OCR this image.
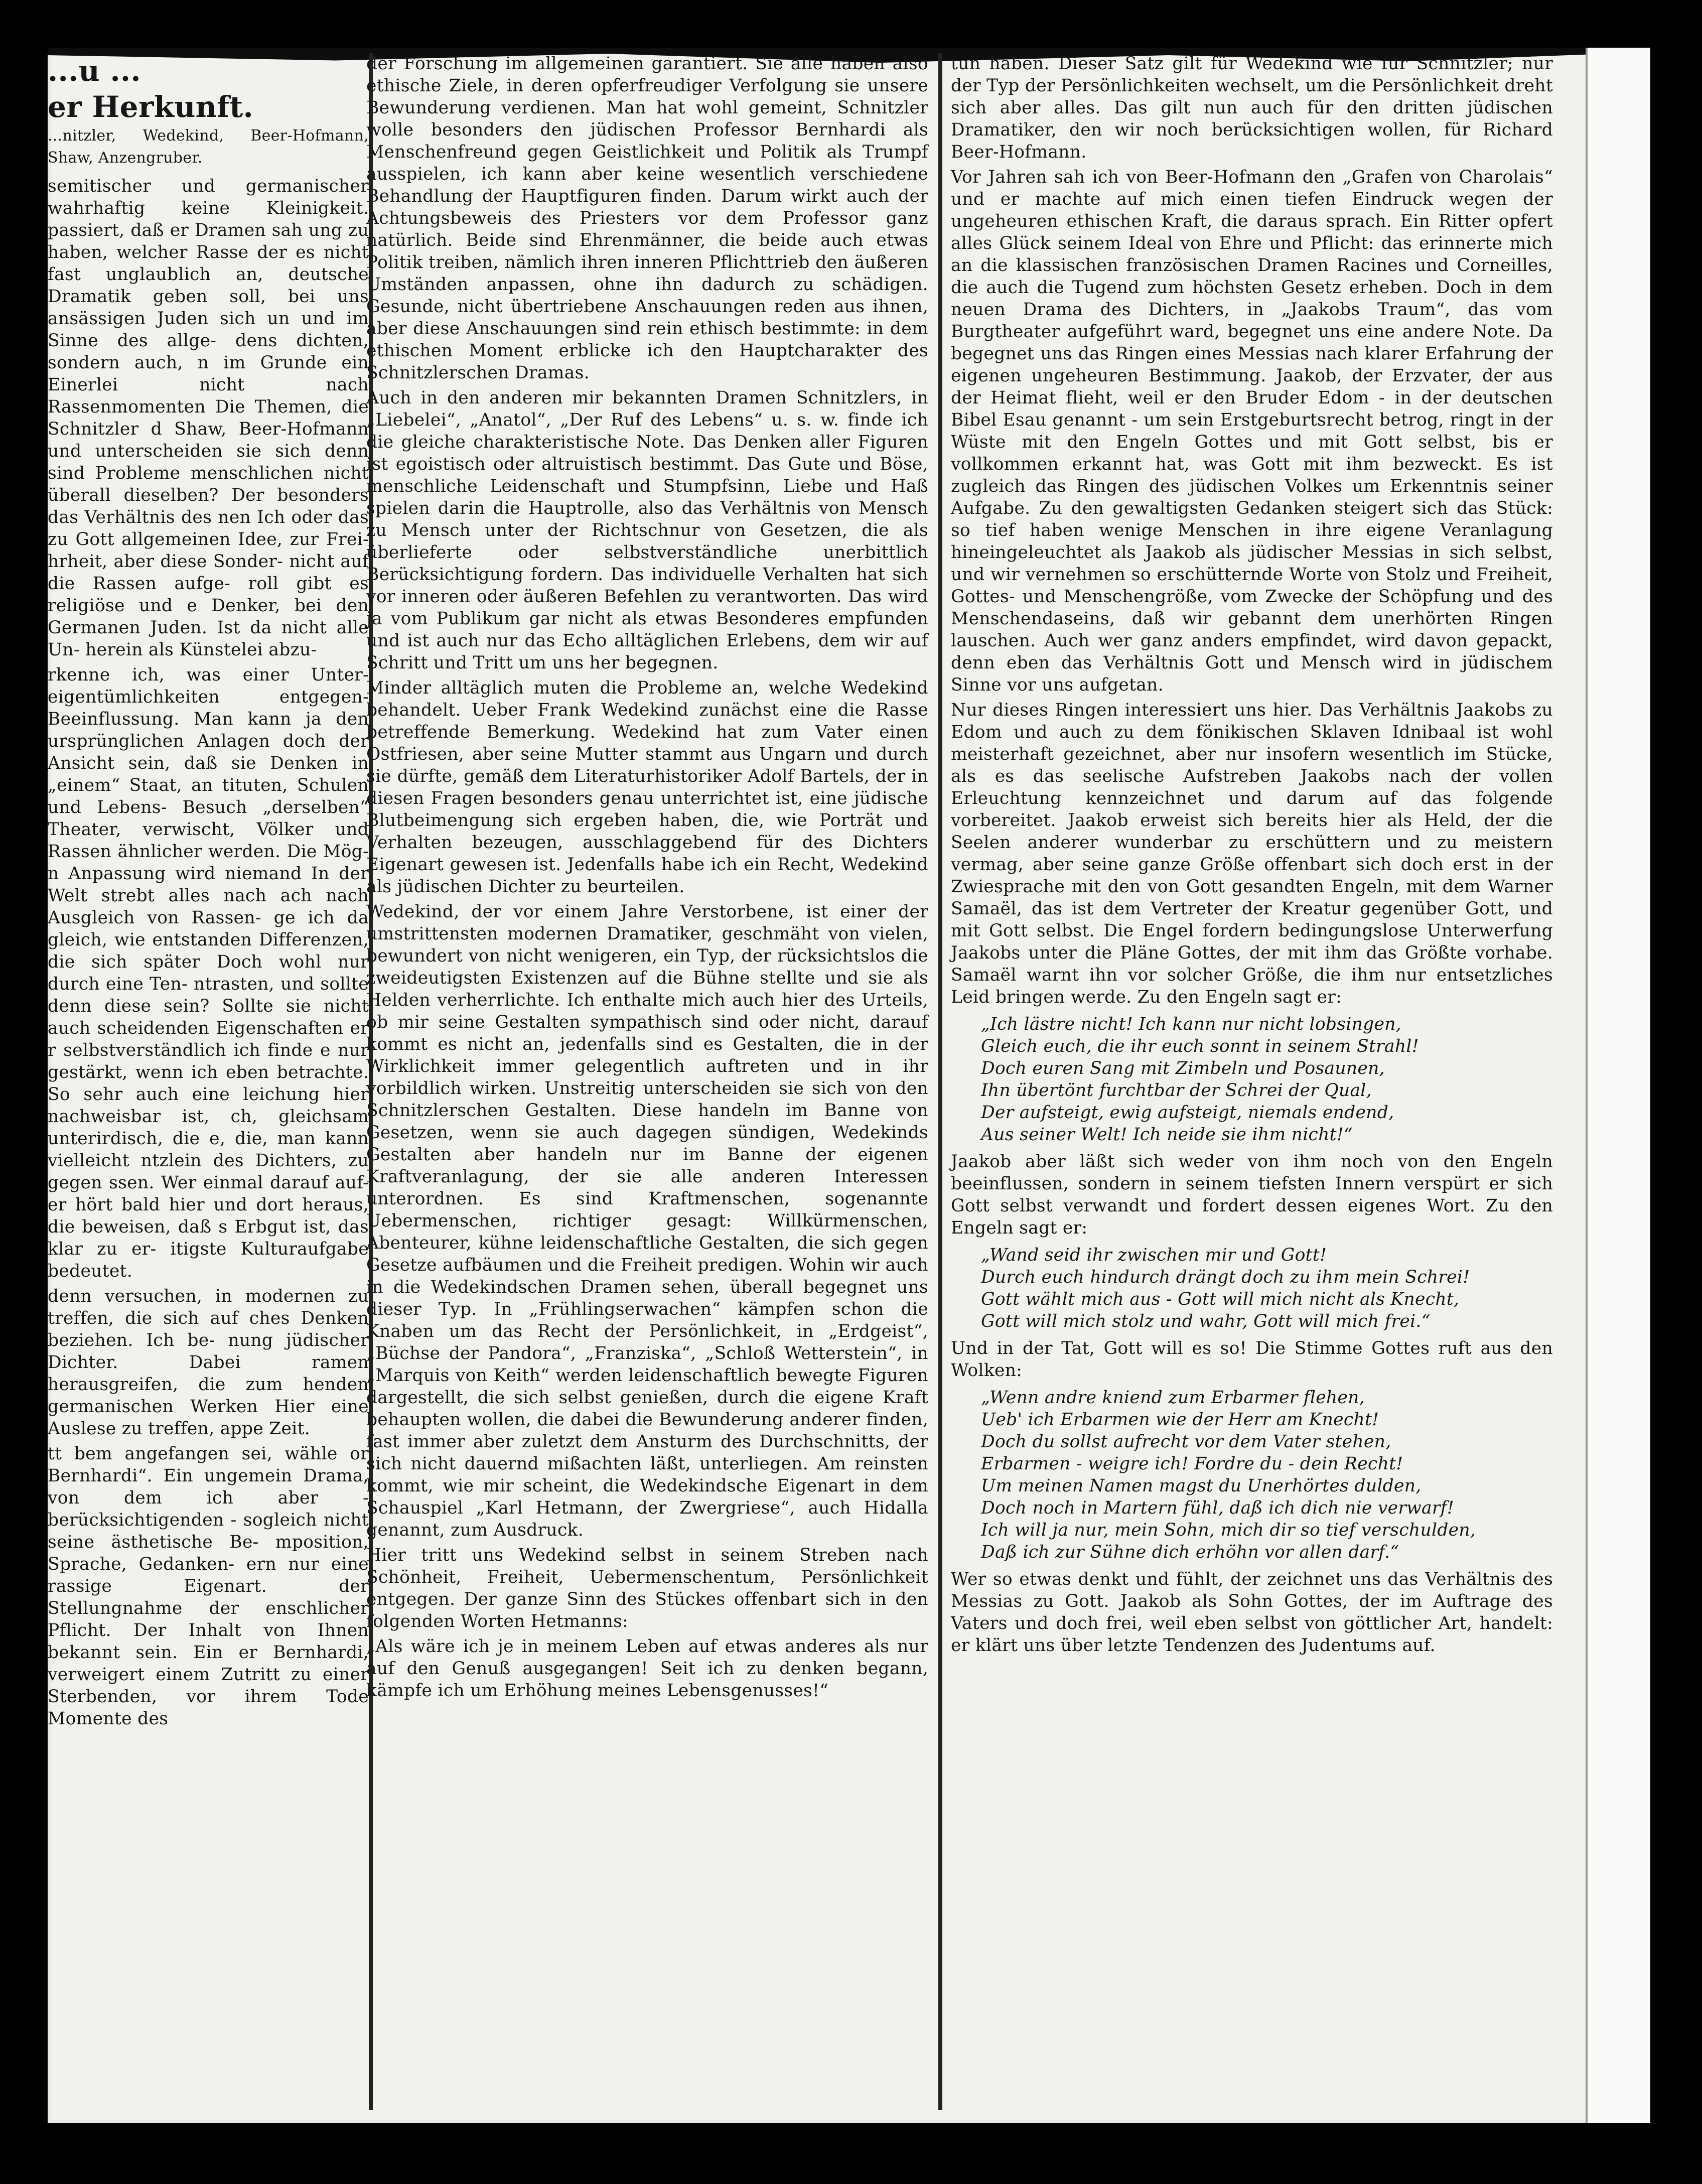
...u ...
er Herkunft.

...nitzler, Wedekind, Beer-Hofmann, Shaw, Anzengruber.

semitischer und germanischer wahrhaftig keine Kleinigkeit. passiert, daß er Dramen sah ung zu haben, welcher Rasse der es nicht fast unglaublich an, deutsche Dramatik geben soll, bei uns ansässigen Juden sich un und im Sinne des allge- dens dichten, sondern auch, n im Grunde ein Einerlei nicht nach Rassenmomenten Die Themen, die Schnitzler d Shaw, Beer-Hofmann und unterscheiden sie sich denn sind Probleme menschlichen nicht überall dieselben? Der besonders das Verhältnis des nen Ich oder das zu Gott allgemeinen Idee, zur Frei- hrheit, aber diese Sonder- nicht auf die Rassen aufge- roll gibt es religiöse und e Denker, bei den Germanen Juden. Ist da nicht alle Un- herein als Künstelei abzu-

rkenne ich, was einer Unter- eigentümlichkeiten entgegen- Beeinflussung. Man kann ja den ursprünglichen Anlagen doch der Ansicht sein, daß sie Denken in „einem“ Staat, an tituten, Schulen und Lebens- Besuch „derselben“ Theater, verwischt, Völker und Rassen ähnlicher werden. Die Mög- n Anpassung wird niemand In der Welt strebt alles nach ach nach Ausgleich von Rassen- ge ich da gleich, wie entstanden Differenzen, die sich später Doch wohl nur durch eine Ten- ntrasten, und sollte denn diese sein? Sollte sie nicht auch scheidenden Eigenschaften er r selbstverständlich ich finde e nur gestärkt, wenn ich eben betrachte. So sehr auch eine leichung hier nachweisbar ist, ch, gleichsam unterirdisch, die e, die, man kann vielleicht ntzlein des Dichters, zu gegen ssen. Wer einmal darauf auf- er hört bald hier und dort heraus, die beweisen, daß s Erbgut ist, das klar zu er- itigste Kulturaufgabe bedeutet.

denn versuchen, in modernen zu treffen, die sich auf ches Denken beziehen. Ich be- nung jüdischer Dichter. Dabei ramen herausgreifen, die zum henden germanischen Werken Hier eine Auslese zu treffen, appe Zeit.

tt bem angefangen sei, wähle or Bernhardi“. Ein ungemein Drama, von dem ich aber - berücksichtigenden - sogleich nicht seine ästhetische Be- mposition, Sprache, Gedanken- ern nur eine rassige Eigenart. der Stellungnahme der enschlicher Pflicht. Der Inhalt von Ihnen bekannt sein. Ein er Bernhardi, verweigert einem Zutritt zu einer Sterbenden, vor ihrem Tode Momente des

der Forschung im allgemeinen garantiert. Sie alle haben also ethische Ziele, in deren opferfreudiger Verfolgung sie unsere Bewunderung verdienen. Man hat wohl gemeint, Schnitzler wolle besonders den jüdischen Professor Bernhardi als Menschenfreund gegen Geistlichkeit und Politik als Trumpf ausspielen, ich kann aber keine wesentlich verschiedene Behandlung der Hauptfiguren finden. Darum wirkt auch der Achtungsbeweis des Priesters vor dem Professor ganz natürlich. Beide sind Ehrenmänner, die beide auch etwas Politik treiben, nämlich ihren inneren Pflichttrieb den äußeren Umständen anpassen, ohne ihn dadurch zu schädigen. Gesunde, nicht übertriebene Anschauungen reden aus ihnen, aber diese Anschauungen sind rein ethisch bestimmte: in dem ethischen Moment erblicke ich den Hauptcharakter des Schnitzlerschen Dramas.

Auch in den anderen mir bekannten Dramen Schnitzlers, in „Liebelei“, „Anatol“, „Der Ruf des Lebens“ u. s. w. finde ich die gleiche charakteristische Note. Das Denken aller Figuren ist egoistisch oder altruistisch bestimmt. Das Gute und Böse, menschliche Leidenschaft und Stumpfsinn, Liebe und Haß spielen darin die Hauptrolle, also das Verhältnis von Mensch zu Mensch unter der Richtschnur von Gesetzen, die als überlieferte oder selbstverständliche unerbittlich Berücksichtigung fordern. Das individuelle Verhalten hat sich vor inneren oder äußeren Befehlen zu verantworten. Das wird ja vom Publikum gar nicht als etwas Besonderes empfunden und ist auch nur das Echo alltäglichen Erlebens, dem wir auf Schritt und Tritt um uns her begegnen.

Minder alltäglich muten die Probleme an, welche Wedekind behandelt. Ueber Frank Wedekind zunächst eine die Rasse betreffende Bemerkung. Wedekind hat zum Vater einen Ostfriesen, aber seine Mutter stammt aus Ungarn und durch sie dürfte, gemäß dem Literaturhistoriker Adolf Bartels, der in diesen Fragen besonders genau unterrichtet ist, eine jüdische Blutbeimengung sich ergeben haben, die, wie Porträt und Verhalten bezeugen, ausschlaggebend für des Dichters Eigenart gewesen ist. Jedenfalls habe ich ein Recht, Wedekind als jüdischen Dichter zu beurteilen.

Wedekind, der vor einem Jahre Verstorbene, ist einer der umstrittensten modernen Dramatiker, geschmäht von vielen, bewundert von nicht wenigeren, ein Typ, der rücksichtslos die zweideutigsten Existenzen auf die Bühne stellte und sie als Helden verherrlichte. Ich enthalte mich auch hier des Urteils, ob mir seine Gestalten sympathisch sind oder nicht, darauf kommt es nicht an, jedenfalls sind es Gestalten, die in der Wirklichkeit immer gelegentlich auftreten und in ihr vorbildlich wirken. Unstreitig unterscheiden sie sich von den Schnitzlerschen Gestalten. Diese handeln im Banne von Gesetzen, wenn sie auch dagegen sündigen, Wedekinds Gestalten aber handeln nur im Banne der eigenen Kraftveranlagung, der sie alle anderen Interessen unterordnen. Es sind Kraftmenschen, sogenannte Uebermenschen, richtiger gesagt: Willkürmenschen, Abenteurer, kühne leidenschaftliche Gestalten, die sich gegen Gesetze aufbäumen und die Freiheit predigen. Wohin wir auch in die Wedekindschen Dramen sehen, überall begegnet uns dieser Typ. In „Frühlingserwachen“ kämpfen schon die Knaben um das Recht der Persönlichkeit, in „Erdgeist“, „Büchse der Pandora“, „Franziska“, „Schloß Wetterstein“, in „Marquis von Keith“ werden leidenschaftlich bewegte Figuren dargestellt, die sich selbst genießen, durch die eigene Kraft behaupten wollen, die dabei die Bewunderung anderer finden, fast immer aber zuletzt dem Ansturm des Durchschnitts, der sich nicht dauernd mißachten läßt, unterliegen. Am reinsten kommt, wie mir scheint, die Wedekindsche Eigenart in dem Schauspiel „Karl Hetmann, der Zwergriese“, auch Hidalla genannt, zum Ausdruck.

Hier tritt uns Wedekind selbst in seinem Streben nach Schönheit, Freiheit, Uebermenschentum, Persönlichkeit entgegen. Der ganze Sinn des Stückes offenbart sich in den folgenden Worten Hetmanns:

„Als wäre ich je in meinem Leben auf etwas anderes als nur auf den Genuß ausgegangen! Seit ich zu denken begann, kämpfe ich um Erhöhung meines Lebensgenusses!“

tun haben. Dieser Satz gilt für Wedekind wie für Schnitzler; nur der Typ der Persönlichkeiten wechselt, um die Persönlichkeit dreht sich aber alles. Das gilt nun auch für den dritten jüdischen Dramatiker, den wir noch berücksichtigen wollen, für Richard Beer-Hofmann.

Vor Jahren sah ich von Beer-Hofmann den „Grafen von Charolais“ und er machte auf mich einen tiefen Eindruck wegen der ungeheuren ethischen Kraft, die daraus sprach. Ein Ritter opfert alles Glück seinem Ideal von Ehre und Pflicht: das erinnerte mich an die klassischen französischen Dramen Racines und Corneilles, die auch die Tugend zum höchsten Gesetz erheben. Doch in dem neuen Drama des Dichters, in „Jaakobs Traum“, das vom Burgtheater aufgeführt ward, begegnet uns eine andere Note. Da begegnet uns das Ringen eines Messias nach klarer Erfahrung der eigenen ungeheuren Bestimmung. Jaakob, der Erzvater, der aus der Heimat flieht, weil er den Bruder Edom - in der deutschen Bibel Esau genannt - um sein Erstgeburtsrecht betrog, ringt in der Wüste mit den Engeln Gottes und mit Gott selbst, bis er vollkommen erkannt hat, was Gott mit ihm bezweckt. Es ist zugleich das Ringen des jüdischen Volkes um Erkenntnis seiner Aufgabe. Zu den gewaltigsten Gedanken steigert sich das Stück: so tief haben wenige Menschen in ihre eigene Veranlagung hineingeleuchtet als Jaakob als jüdischer Messias in sich selbst, und wir vernehmen so erschütternde Worte von Stolz und Freiheit, Gottes- und Menschengröße, vom Zwecke der Schöpfung und des Menschendaseins, daß wir gebannt dem unerhörten Ringen lauschen. Auch wer ganz anders empfindet, wird davon gepackt, denn eben das Verhältnis Gott und Mensch wird in jüdischem Sinne vor uns aufgetan.

Nur dieses Ringen interessiert uns hier. Das Verhältnis Jaakobs zu Edom und auch zu dem fönikischen Sklaven Idnibaal ist wohl meisterhaft gezeichnet, aber nur insofern wesentlich im Stücke, als es das seelische Aufstreben Jaakobs nach der vollen Erleuchtung kennzeichnet und darum auf das folgende vorbereitet. Jaakob erweist sich bereits hier als Held, der die Seelen anderer wunderbar zu erschüttern und zu meistern vermag, aber seine ganze Größe offenbart sich doch erst in der Zwiesprache mit den von Gott gesandten Engeln, mit dem Warner Samaël, das ist dem Vertreter der Kreatur gegenüber Gott, und mit Gott selbst. Die Engel fordern bedingungslose Unterwerfung Jaakobs unter die Pläne Gottes, der mit ihm das Größte vorhabe. Samaël warnt ihn vor solcher Größe, die ihm nur entsetzliches Leid bringen werde. Zu den Engeln sagt er:

„Ich lästre nicht! Ich kann nur nicht lobsingen,
Gleich euch, die ihr euch sonnt in seinem Strahl!
Doch euren Sang mit Zimbeln und Posaunen,
Ihn übertönt furchtbar der Schrei der Qual,
Der aufsteigt, ewig aufsteigt, niemals endend,
Aus seiner Welt! Ich neide sie ihm nicht!“

Jaakob aber läßt sich weder von ihm noch von den Engeln beeinflussen, sondern in seinem tiefsten Innern verspürt er sich Gott selbst verwandt und fordert dessen eigenes Wort. Zu den Engeln sagt er:

„Wand seid ihr zwischen mir und Gott!
Durch euch hindurch drängt doch zu ihm mein Schrei!
Gott wählt mich aus - Gott will mich nicht als Knecht,
Gott will mich stolz und wahr, Gott will mich frei.“

Und in der Tat, Gott will es so! Die Stimme Gottes ruft aus den Wolken:

„Wenn andre kniend zum Erbarmer flehen,
Ueb' ich Erbarmen wie der Herr am Knecht!
Doch du sollst aufrecht vor dem Vater stehen,
Erbarmen - weigre ich! Fordre du - dein Recht!
Um meinen Namen magst du Unerhörtes dulden,
Doch noch in Martern fühl, daß ich dich nie verwarf!
Ich will ja nur, mein Sohn, mich dir so tief verschulden,
Daß ich zur Sühne dich erhöhn vor allen darf.“

Wer so etwas denkt und fühlt, der zeichnet uns das Verhältnis des Messias zu Gott. Jaakob als Sohn Gottes, der im Auftrage des Vaters und doch frei, weil eben selbst von göttlicher Art, handelt: er klärt uns über letzte Tendenzen des Judentums auf.
